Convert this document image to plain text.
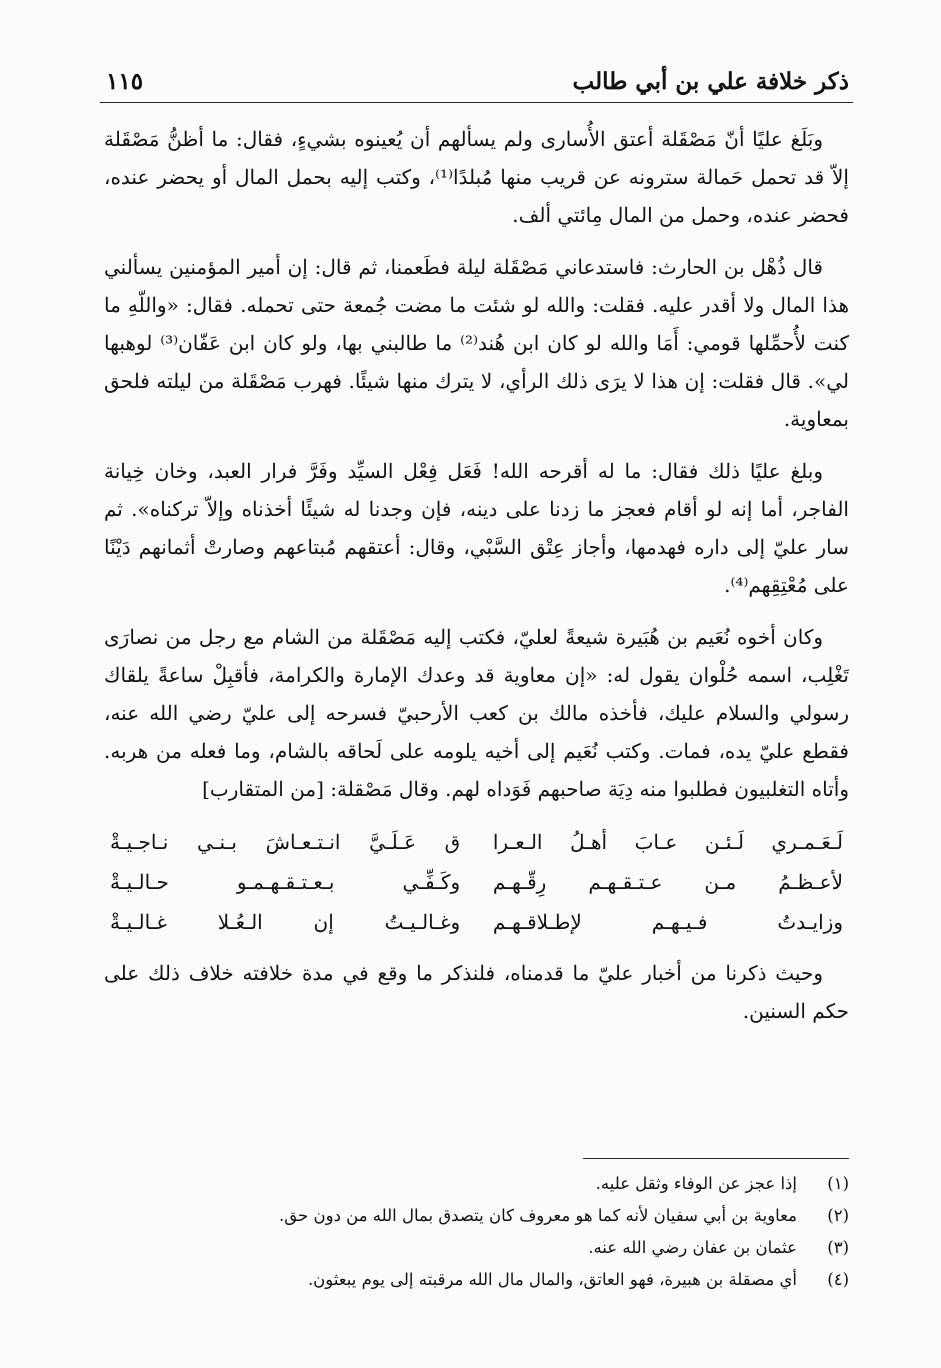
ذكر خلافة علي بن أبي طالب
١١٥

وبَلَغ عليًا أنّ مَصْقَلة أعتق الأُسارى ولم يسألهم أن يُعينوه بشيءٍ، فقال: ما أظنُّ مَصْقَلة إلاّ قد تحمل حَمالة سترونه عن قريب منها مُبلدًا⁽¹⁾، وكتب إليه بحمل المال أو يحضر عنده، فحضر عنده، وحمل من المال مِائتي ألف.

قال ذُهْل بن الحارث: فاستدعاني مَصْقَلة ليلة فطَعمنا، ثم قال: إن أمير المؤمنين يسألني هذا المال ولا أقدر عليه. فقلت: والله لو شئت ما مضت جُمعة حتى تحمله. فقال: «واللّهِ ما كنت لأُحمِّلها قومي: أَمَا والله لو كان ابن هُند⁽²⁾ ما طالبني بها، ولو كان ابن عَفّان⁽³⁾ لوهبها لي». قال فقلت: إن هذا لا يرَى ذلك الرأي، لا يترك منها شيئًا. فهرب مَصْقَلة من ليلته فلحق بمعاوية.

وبلغ عليًا ذلك فقال: ما له أقرحه الله! فَعَل فِعْل السيِّد وفَرَّ فرار العبد، وخان خِيانة الفاجر، أما إنه لو أقام فعجز ما زدنا على دينه، فإن وجدنا له شيئًا أخذناه وإلاّ تركناه». ثم سار عليّ إلى داره فهدمها، وأجاز عِتْق السَّبْي، وقال: أعتقهم مُبتاعهم وصارتْ أثمانهم دَيْنًا على مُعْتِقِهم⁽⁴⁾.

وكان أخوه نُعَيم بن هُبَيرة شيعةً لعليّ، فكتب إليه مَصْقَلة من الشام مع رجل من نصارَى تَغْلِب، اسمه حُلْوان يقول له: «إن معاوية قد وعدك الإمارة والكرامة، فأقبِلْ ساعةً يلقاك رسولي والسلام عليك، فأخذه مالك بن كعب الأرحبيّ فسرحه إلى عليّ رضي الله عنه، فقطع عليّ يده، فمات. وكتب نُعَيم إلى أخيه يلومه على لَحاقه بالشام، وما فعله من هربه. وأتاه التغلبيون فطلبوا منه دِيَة صاحبهم فَوَداه لهم. وقال مَصْقلة: [من المتقارب]

لَـعَـمـري لَـئـن عـابَ أهـلُ الـعـرا
ق عَـلَـيَّ انـتـعـاشَ بـنـي نـاجـيـةْ
لأعـظـمُ مـن عـتـقـهـم رِقّـهـم
وكَـفِّـي بـعـتـقـهـمـو حـالـيـةْ
وزايـدتُ فـيـهـم لإطـلاقـهـم
وغـالـيـتُ إن الـعُـلا غـالـيـةْ

وحيث ذكرنا من أخبار عليّ ما قدمناه، فلنذكر ما وقع في مدة خلافته خلاف ذلك على حكم السنين.

(١)
إذا عجز عن الوفاء وثقل عليه.
(٢)
معاوية بن أبي سفيان لأنه كما هو معروف كان يتصدق بمال الله من دون حق.
(٣)
عثمان بن عفان رضي الله عنه.
(٤)
أي مصقلة بن هبيرة، فهو العاتق، والمال مال الله مرقبته إلى يوم يبعثون.
